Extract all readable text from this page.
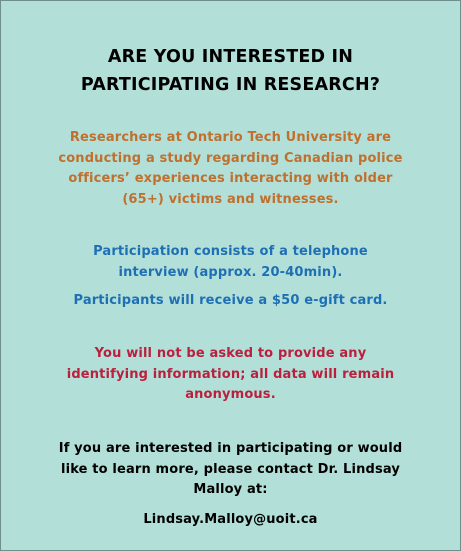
ARE YOU INTERESTED IN
PARTICIPATING IN RESEARCH?
Researchers at Ontario Tech University are
conducting a study regarding Canadian police
officers’ experiences interacting with older
(65+) victims and witnesses.

Participation consists of a telephone
interview (approx. 20-40min).

Participants will receive a $50 e-gift card.

You will not be asked to provide any
identifying information; all data will remain
anonymous.
If you are interested in participating or would
like to learn more, please contact Dr. Lindsay
Malloy at:
Lindsay.Malloy@uoit.ca
